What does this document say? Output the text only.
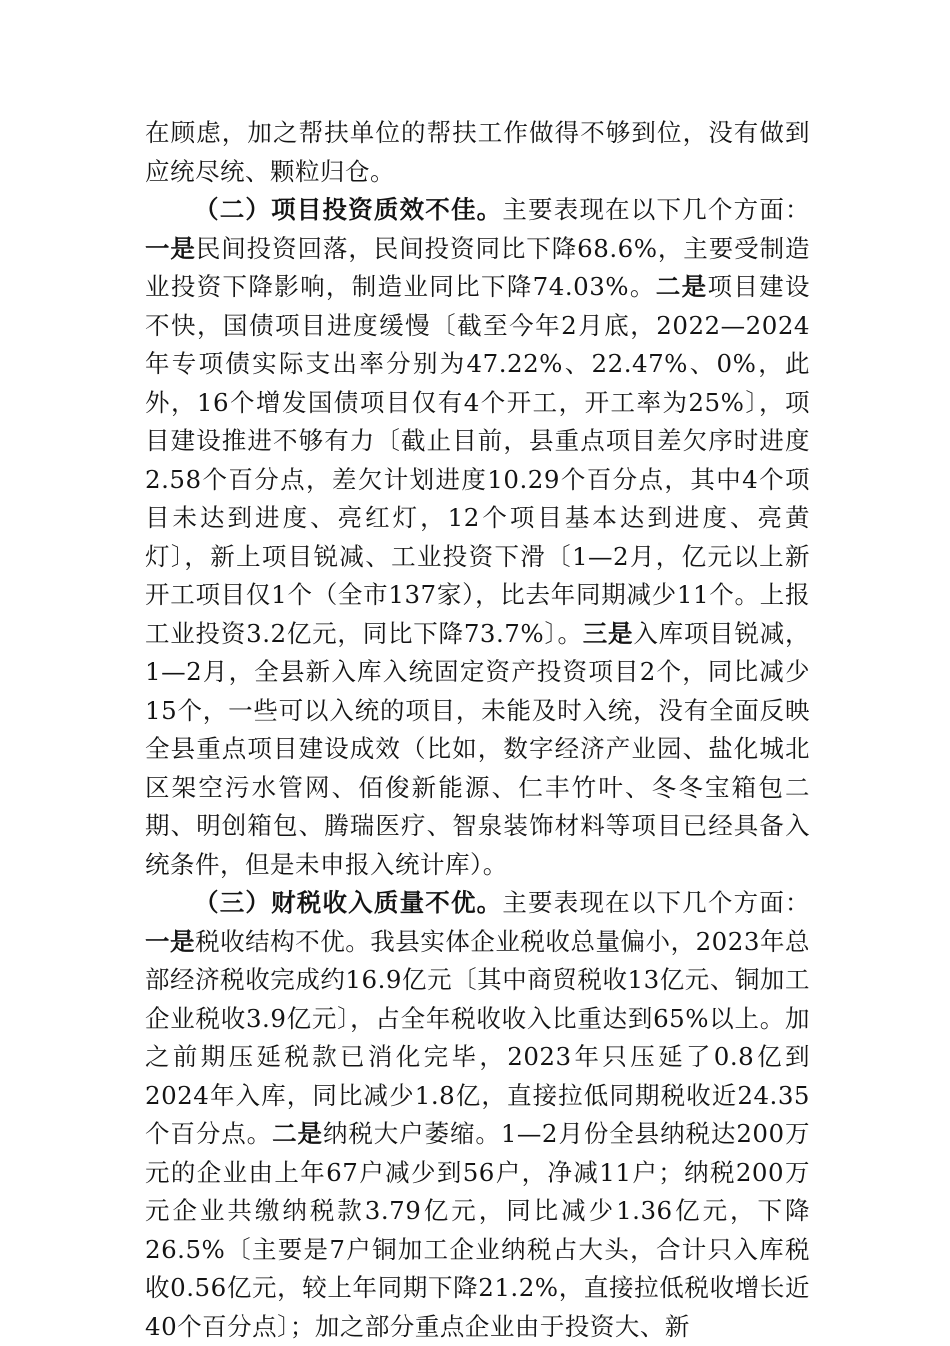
在顾虑，加之帮扶单位的帮扶工作做得不够到位，没有做到应统尽统、颗粒归仓。

（二）项目投资质效不佳。主要表现在以下几个方面：一是民间投资回落，民间投资同比下降68.6%，主要受制造业投资下降影响，制造业同比下降74.03%。二是项目建设不快，国债项目进度缓慢〔截至今年2月底，2022—2024年专项债实际支出率分别为47.22%、22.47%、0%，此外，16个增发国债项目仅有4个开工，开工率为25%〕，项目建设推进不够有力〔截止目前，县重点项目差欠序时进度2.58个百分点，差欠计划进度10.29个百分点，其中4个项目未达到进度、亮红灯，12个项目基本达到进度、亮黄灯〕，新上项目锐减、工业投资下滑〔1—2月，亿元以上新开工项目仅1个（全市137家），比去年同期减少11个。上报工业投资3.2亿元，同比下降73.7%〕。三是入库项目锐减，1—2月，全县新入库入统固定资产投资项目2个，同比减少15个，一些可以入统的项目，未能及时入统，没有全面反映全县重点项目建设成效（比如，数字经济产业园、盐化城北区架空污水管网、佰俊新能源、仁丰竹叶、冬冬宝箱包二期、明创箱包、腾瑞医疗、智泉装饰材料等项目已经具备入统条件，但是未申报入统计库）。

（三）财税收入质量不优。主要表现在以下几个方面：一是税收结构不优。我县实体企业税收总量偏小，2023年总部经济税收完成约16.9亿元〔其中商贸税收13亿元、铜加工企业税收3.9亿元〕，占全年税收收入比重达到65%以上。加之前期压延税款已消化完毕，2023年只压延了0.8亿到2024年入库，同比减少1.8亿，直接拉低同期税收近24.35个百分点。二是纳税大户萎缩。1—2月份全县纳税达200万元的企业由上年67户减少到56户，净减11户；纳税200万元企业共缴纳税款3.79亿元，同比减少1.36亿元，下降26.5%〔主要是7户铜加工企业纳税占大头，合计只入库税收0.56亿元，较上年同期下降21.2%，直接拉低税收增长近40个百分点〕；加之部分重点企业由于投资大、新
